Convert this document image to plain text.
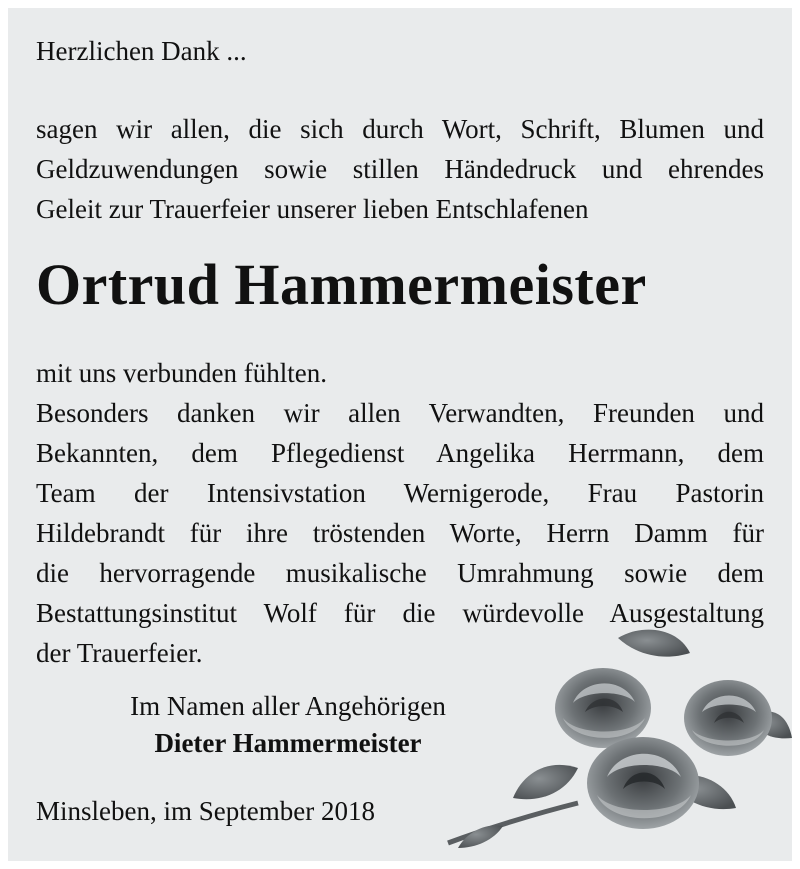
Herzlichen Dank ...
sagen wir allen, die sich durch Wort, Schrift, Blumen und
Geldzuwendungen sowie stillen Händedruck und ehrendes
Geleit zur Trauerfeier unserer lieben Entschlafenen
Ortrud Hammermeister
mit uns verbunden fühlten.
Besonders danken wir allen Verwandten, Freunden und
Bekannten, dem Pflegedienst Angelika Herrmann, dem
Team der Intensivstation Wernigerode, Frau Pastorin
Hildebrandt für ihre tröstenden Worte, Herrn Damm für
die hervorragende musikalische Umrahmung sowie dem
Bestattungsinstitut Wolf für die würdevolle Ausgestaltung
der Trauerfeier.
Im Namen aller Angehörigen
Dieter Hammermeister
Minsleben, im September 2018
